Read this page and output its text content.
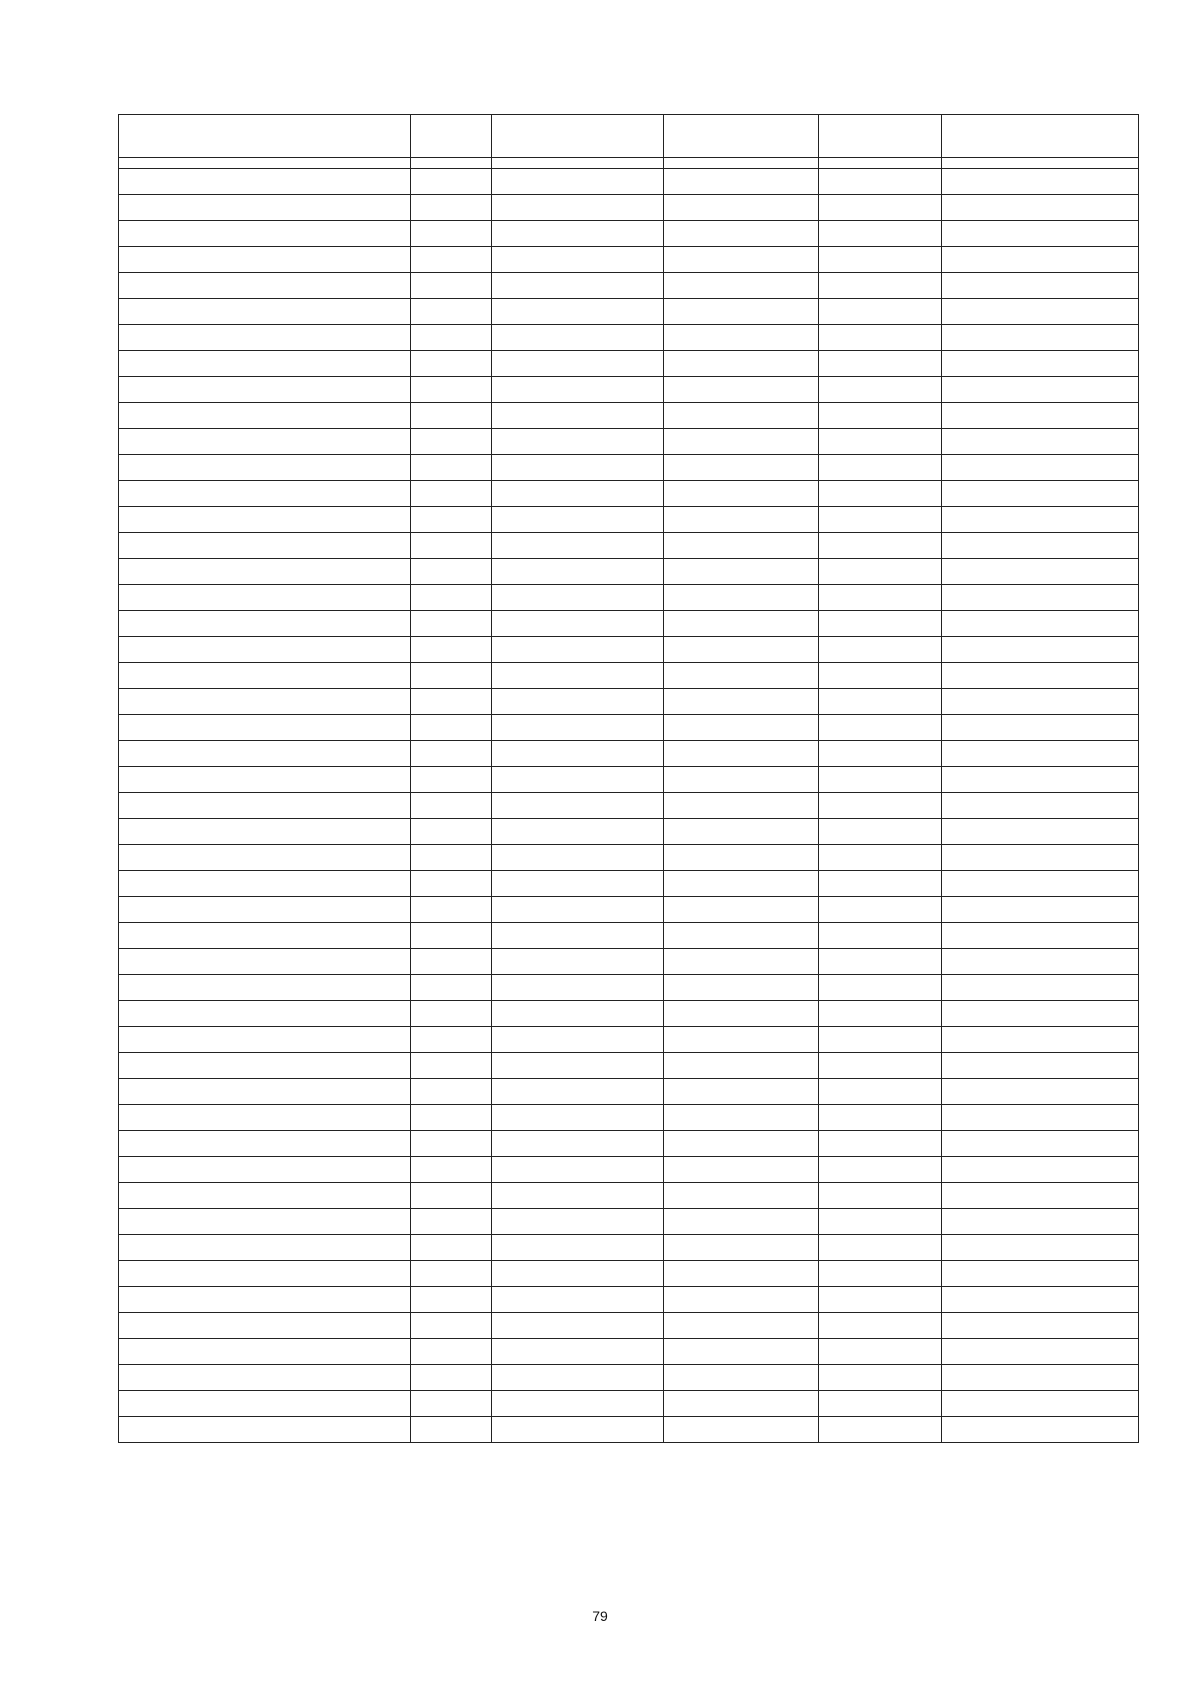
79
